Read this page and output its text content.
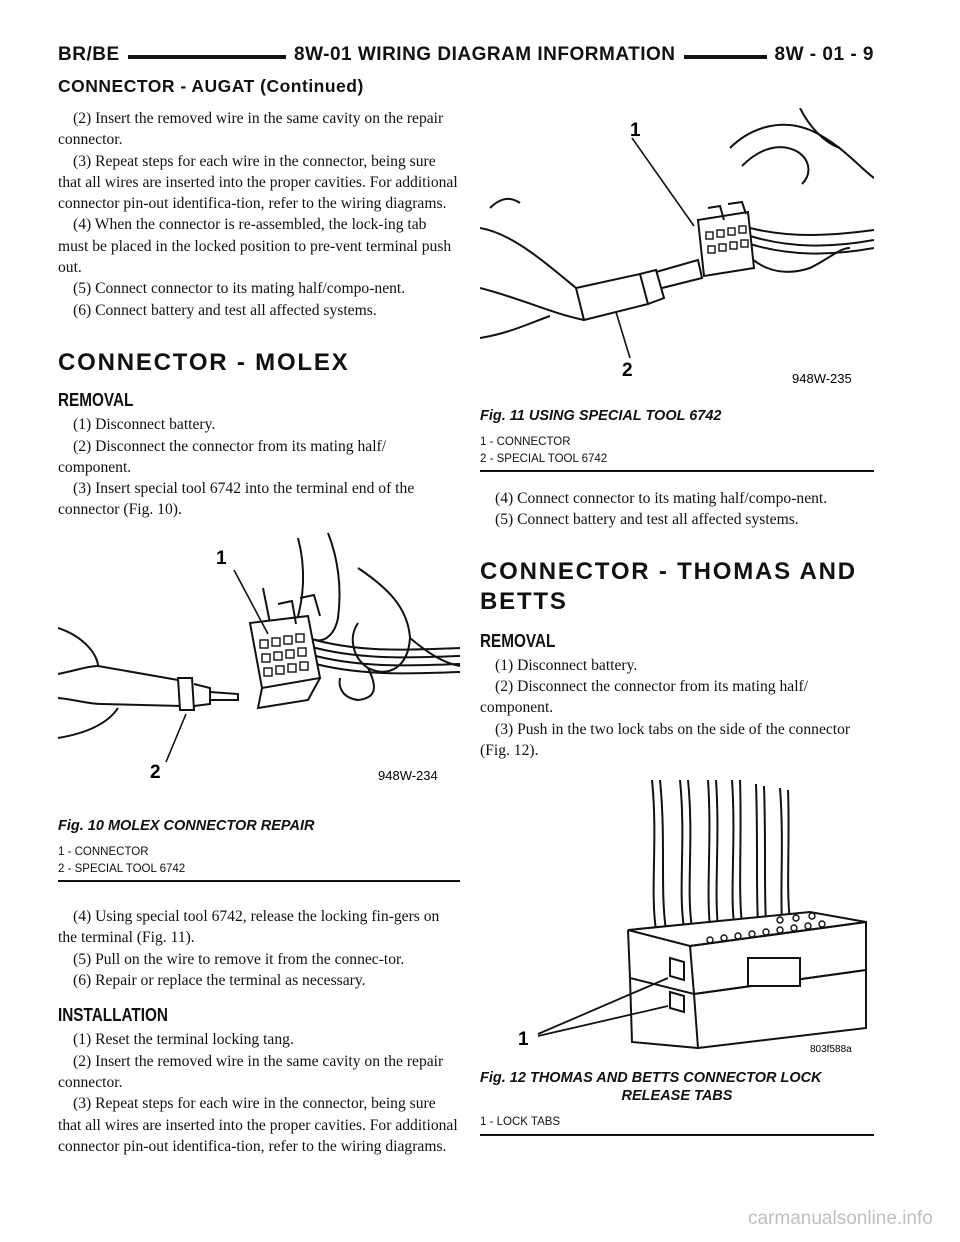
BR/BE	8W-01 WIRING DIAGRAM INFORMATION	8W - 01 - 9
CONNECTOR - AUGAT (Continued)

(2) Insert the removed wire in the same cavity on the repair connector.

(3) Repeat steps for each wire in the connector, being sure that all wires are inserted into the proper cavities. For additional connector pin-out identifica-tion, refer to the wiring diagrams.

(4) When the connector is re-assembled, the lock-ing tab must be placed in the locked position to pre-vent terminal push out.

(5) Connect connector to its mating half/compo-nent.

(6) Connect battery and test all affected systems.

CONNECTOR - MOLEX
REMOVAL

(1) Disconnect battery.

(2) Disconnect the connector from its mating half/ component.

(3) Insert special tool 6742 into the terminal end of the connector (Fig. 10).

1
2	948W-234
Fig. 10 MOLEX CONNECTOR REPAIR
1 - CONNECTOR
2 - SPECIAL TOOL 6742

(4) Using special tool 6742, release the locking fin-gers on the terminal (Fig. 11).

(5) Pull on the wire to remove it from the connec-tor.

(6) Repair or replace the terminal as necessary.

INSTALLATION

(1) Reset the terminal locking tang.

(2) Insert the removed wire in the same cavity on the repair connector.

(3) Repeat steps for each wire in the connector, being sure that all wires are inserted into the proper cavities. For additional connector pin-out identifica-tion, refer to the wiring diagrams.

1
2	948W-235
Fig. 11 USING SPECIAL TOOL 6742
1 - CONNECTOR
2 - SPECIAL TOOL 6742

(4) Connect connector to its mating half/compo-nent.

(5) Connect battery and test all affected systems.

CONNECTOR - THOMAS AND
BETTS
REMOVAL

(1) Disconnect battery.

(2) Disconnect the connector from its mating half/ component.

(3) Push in the two lock tabs on the side of the connector (Fig. 12).

1	803f588a
Fig. 12 THOMAS AND BETTS CONNECTOR LOCK
RELEASE TABS
1 - LOCK TABS
carmanualsonline.info
